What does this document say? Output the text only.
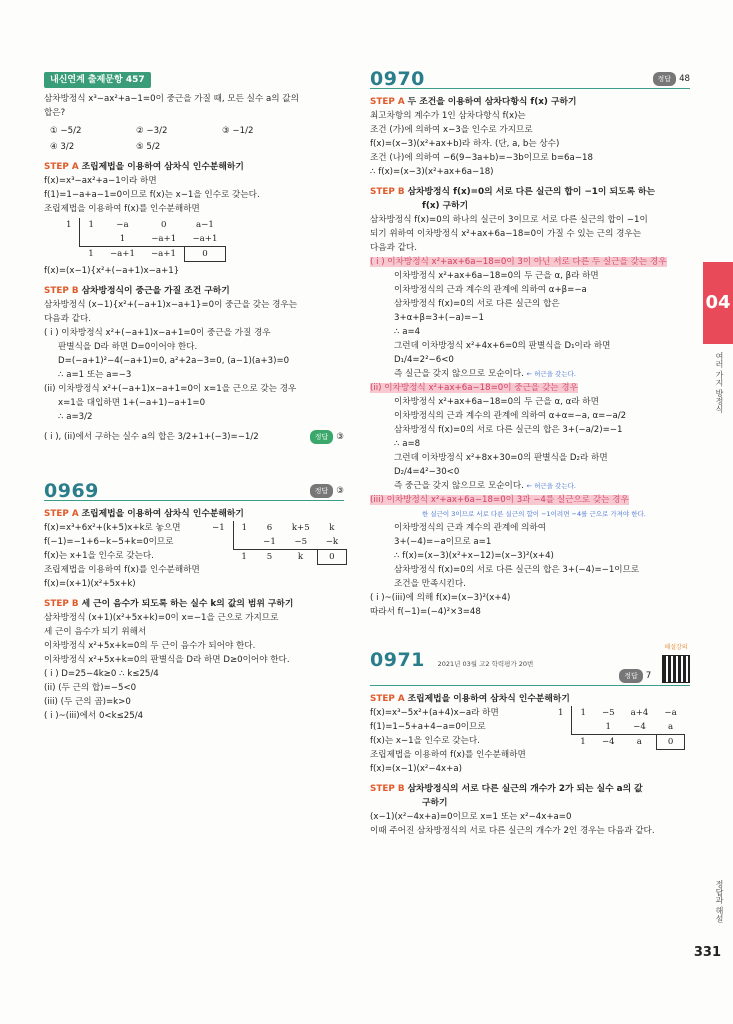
내신연계 출제문항 457
삼차방정식 x³−ax²+a−1=0이 중근을 가질 때, 모든 실수 a의 값의
합은?
① −5/2	② −3/2	③ −1/2
④ 3/2	⑤ 5/2
STEP A 조립제법을 이용하여 삼차식 인수분해하기
f(x)=x³−ax²+a−1이라 하면
f(1)=1−a+a−1=0이므로 f(x)는 x−1을 인수로 갖는다.
조립제법을 이용하여 f(x)를 인수분해하면
1	1	−a	0	a−1
		1	−a+1	−a+1
	1	−a+1	−a+1	0
f(x)=(x−1){x²+(−a+1)x−a+1}
STEP B 삼차방정식이 중근을 가질 조건 구하기
삼차방정식 (x−1){x²+(−a+1)x−a+1}=0이 중근을 갖는 경우는
다음과 같다.
( i ) 이차방정식 x²+(−a+1)x−a+1=0이 중근을 가질 경우
판별식을 D라 하면 D=0이어야 한다.
D=(−a+1)²−4(−a+1)=0, a²+2a−3=0, (a−1)(a+3)=0
∴ a=1 또는 a=−3
(ii) 이차방정식 x²+(−a+1)x−a+1=0이 x=1을 근으로 갖는 경우
x=1을 대입하면 1+(−a+1)−a+1=0
∴ a=3/2
( i ), (ii)에서 구하는 실수 a의 합은 3/2+1+(−3)=−1/2	정답 ③
0969	정답 ③
STEP A 조립제법을 이용하여 삼차식 인수분해하기
f(x)=x³+6x²+(k+5)x+k로 놓으면
f(−1)=−1+6−k−5+k=0이므로
f(x)는 x+1을 인수로 갖는다.
조립제법을 이용하여 f(x)를 인수분해하면
f(x)=(x+1)(x²+5x+k)
−1	1	6	k+5	k
		−1	−5	−k
	1	5	k	0
STEP B 세 근이 음수가 되도록 하는 실수 k의 값의 범위 구하기
삼차방정식 (x+1)(x²+5x+k)=0이 x=−1을 근으로 가지므로
세 근이 음수가 되기 위해서
이차방정식 x²+5x+k=0의 두 근이 음수가 되어야 한다.
이차방정식 x²+5x+k=0의 판별식을 D라 하면 D≥0이어야 한다.
( i ) D=25−4k≥0 ∴ k≤25/4
(ii) (두 근의 합)=−5<0
(iii) (두 근의 곱)=k>0
( i )~(iii)에서 0<k≤25/4
0970	정답 48
STEP A 두 조건을 이용하여 삼차다항식 f(x) 구하기
최고차항의 계수가 1인 삼차다항식 f(x)는
조건 (가)에 의하여 x−3을 인수로 가지므로
f(x)=(x−3)(x²+ax+b)라 하자. (단, a, b는 상수)
조건 (나)에 의하여 −6(9−3a+b)=−3b이므로 b=6a−18
∴ f(x)=(x−3)(x²+ax+6a−18)
STEP B 삼차방정식 f(x)=0의 서로 다른 실근의 합이 −1이 되도록 하는
f(x) 구하기
삼차방정식 f(x)=0의 하나의 실근이 3이므로 서로 다른 실근의 합이 −1이
되기 위하여 이차방정식 x²+ax+6a−18=0이 가질 수 있는 근의 경우는
다음과 같다.
( i ) 이차방정식 x²+ax+6a−18=0이 3이 아닌 서로 다른 두 실근을 갖는 경우
이차방정식 x²+ax+6a−18=0의 두 근을 α, β라 하면
이차방정식의 근과 계수의 관계에 의하여 α+β=−a
삼차방정식 f(x)=0의 서로 다른 실근의 합은
3+α+β=3+(−a)=−1
∴ a=4
그런데 이차방정식 x²+4x+6=0의 판별식을 D₁이라 하면
D₁/4=2²−6<0
즉 실근을 갖지 않으므로 모순이다. ← 허근을 갖는다.
(ii) 이차방정식 x²+ax+6a−18=0이 중근을 갖는 경우
이차방정식 x²+ax+6a−18=0의 두 근을 α, α라 하면
이차방정식의 근과 계수의 관계에 의하여 α+α=−a, α=−a/2
삼차방정식 f(x)=0의 서로 다른 실근의 합은 3+(−a/2)=−1
∴ a=8
그런데 이차방정식 x²+8x+30=0의 판별식을 D₂라 하면
D₂/4=4²−30<0
즉 중근을 갖지 않으므로 모순이다. ← 허근을 갖는다.
(iii) 이차방정식 x²+ax+6a−18=0이 3과 −4를 실근으로 갖는 경우
한 실근이 3이므로 서로 다른 실근의 합이 −1이려면 −4를 근으로 가져야 한다.
이차방정식의 근과 계수의 관계에 의하여
3+(−4)=−a이므로 a=1
∴ f(x)=(x−3)(x²+x−12)=(x−3)²(x+4)
삼차방정식 f(x)=0의 서로 다른 실근의 합은 3+(−4)=−1이므로
조건을 만족시킨다.
( i )~(iii)에 의해 f(x)=(x−3)²(x+4)
따라서 f(−1)=(−4)²×3=48
0971 2021년 03월 고2 학력평가 20번
정답 7
해설강의
STEP A 조립제법을 이용하여 삼차식 인수분해하기
f(x)=x³−5x²+(a+4)x−a라 하면
f(1)=1−5+a+4−a=0이므로
f(x)는 x−1을 인수로 갖는다.
조립제법을 이용하여 f(x)를 인수분해하면
f(x)=(x−1)(x²−4x+a)
1	1	−5	a+4	−a
		1	−4	a
	1	−4	a	0
STEP B 삼차방정식의 서로 다른 실근의 개수가 2가 되는 실수 a의 값
구하기
(x−1)(x²−4x+a)=0이므로 x=1 또는 x²−4x+a=0
이때 주어진 삼차방정식의 서로 다른 실근의 개수가 2인 경우는 다음과 같다.
04
여러 가지 방정식
정답과 해설
331
